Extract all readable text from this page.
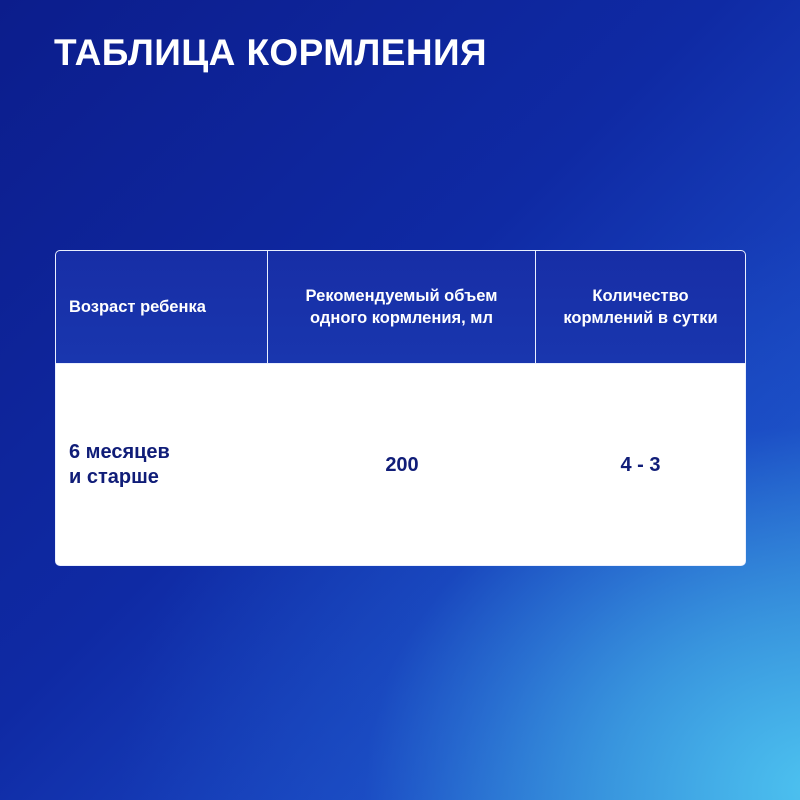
ТАБЛИЦА КОРМЛЕНИЯ
Возраст ребенка
Рекомендуемый объем
одного кормления, мл
Количество
кормлений в сутки
6 месяцев
и старше
200	4 - 3
